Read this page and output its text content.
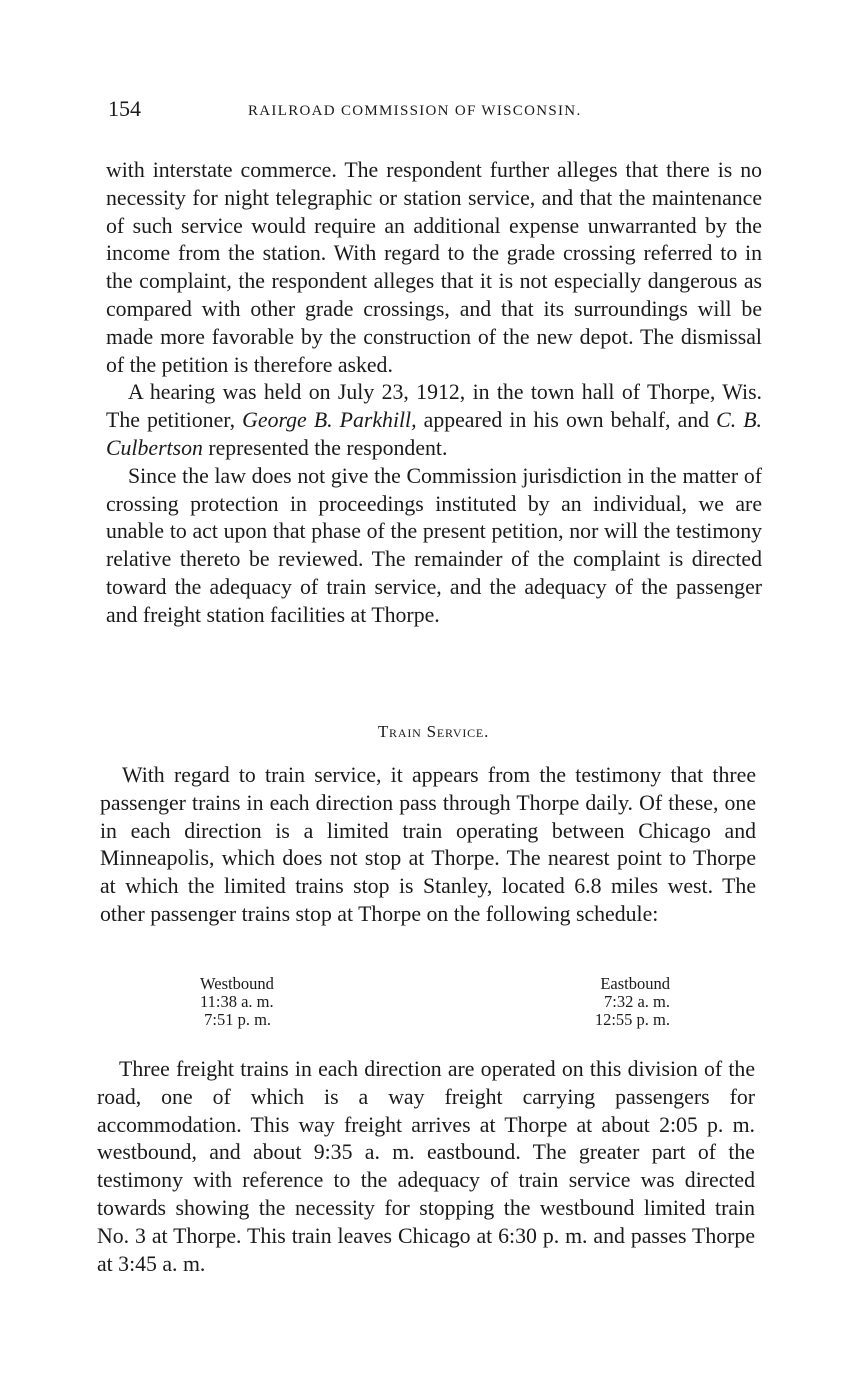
154	RAILROAD COMMISSION OF WISCONSIN.

with interstate commerce. The respondent further alleges that there is no necessity for night telegraphic or station service, and that the maintenance of such service would require an additional expense unwarranted by the income from the station. With regard to the grade crossing referred to in the complaint, the respondent alleges that it is not especially dangerous as compared with other grade crossings, and that its surroundings will be made more favorable by the construction of the new depot. The dismissal of the petition is therefore asked.

A hearing was held on July 23, 1912, in the town hall of Thorpe, Wis. The petitioner, George B. Parkhill, appeared in his own behalf, and C. B. Culbertson represented the respondent.

Since the law does not give the Commission jurisdiction in the matter of crossing protection in proceedings instituted by an individual, we are unable to act upon that phase of the present petition, nor will the testimony relative thereto be reviewed. The remainder of the complaint is directed toward the adequacy of train service, and the adequacy of the passenger and freight station facilities at Thorpe.

Train Service.

With regard to train service, it appears from the testimony that three passenger trains in each direction pass through Thorpe daily. Of these, one in each direction is a limited train operating between Chicago and Minneapolis, which does not stop at Thorpe. The nearest point to Thorpe at which the limited trains stop is Stanley, located 6.8 miles west. The other passenger trains stop at Thorpe on the following schedule:

Westbound
11:38 a. m.
7:51 p. m.
Eastbound
7:32 a. m.
12:55 p. m.

Three freight trains in each direction are operated on this division of the road, one of which is a way freight carrying passengers for accommodation. This way freight arrives at Thorpe at about 2:05 p. m. westbound, and about 9:35 a. m. eastbound. The greater part of the testimony with reference to the adequacy of train service was directed towards showing the necessity for stopping the westbound limited train No. 3 at Thorpe. This train leaves Chicago at 6:30 p. m. and passes Thorpe at 3:45 a. m.
